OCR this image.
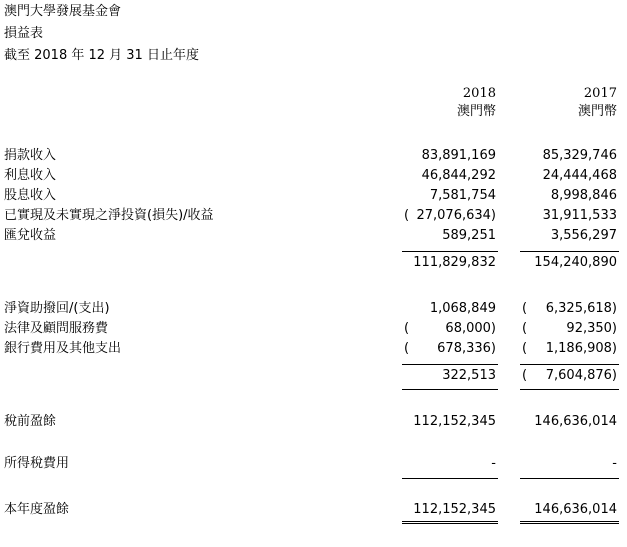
澳門大學發展基金會
損益表
截至 2018 年 12 月 31 日止年度
2018
澳門幣
2017
澳門幣
捐款收入	83,891,169	85,329,746
利息收入	46,844,292	24,444,468
股息收入	7,581,754	8,998,846
已實現及未實現之淨投資(損失)/收益	( 27,076,634)	31,911,533
匯兌收益	589,251	3,556,297
111,829,832	154,240,890
淨資助撥回/(支出)	1,068,849 ( 6,325,618)
法律及顧問服務費	(	68,000) (	92,350)
銀行費用及其他支出	( 678,336) ( 1,186,908)
322,513 ( 7,604,876)
稅前盈餘	112,152,345	146,636,014
所得稅費用	-	-
本年度盈餘	112,152,345	146,636,014
